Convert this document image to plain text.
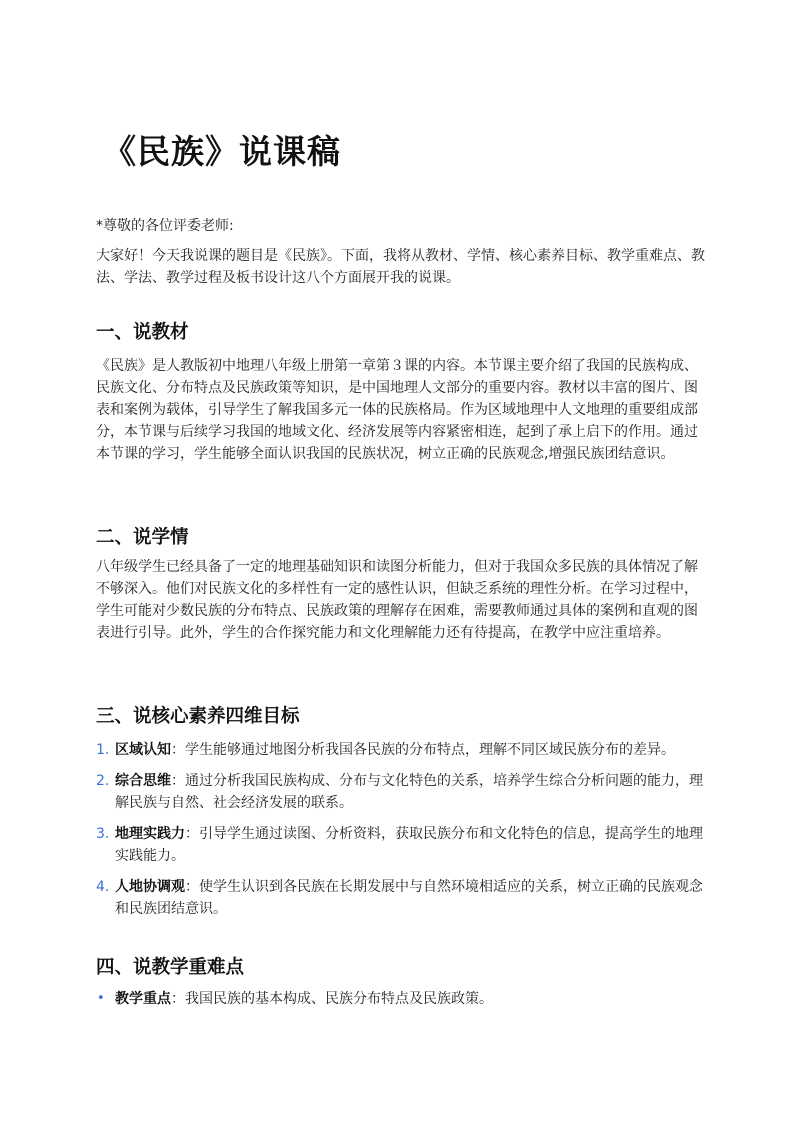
《民族》说课稿
*尊敬的各位评委老师:
大家好！今天我说课的题目是《民族》。下面，我将从教材、学情、核心素养目标、教学重难点、教法、学法、教学过程及板书设计这八个方面展开我的说课。
一、说教材
《民族》是人教版初中地理八年级上册第一章第３课的内容。本节课主要介绍了我国的民族构成、民族文化、分布特点及民族政策等知识，是中国地理人文部分的重要内容。教材以丰富的图片、图表和案例为载体，引导学生了解我国多元一体的民族格局。作为区域地理中人文地理的重要组成部分，本节课与后续学习我国的地域文化、经济发展等内容紧密相连，起到了承上启下的作用。通过本节课的学习，学生能够全面认识我国的民族状况，树立正确的民族观念,增强民族团结意识。
二、说学情
八年级学生已经具备了一定的地理基础知识和读图分析能力，但对于我国众多民族的具体情况了解不够深入。他们对民族文化的多样性有一定的感性认识，但缺乏系统的理性分析。在学习过程中，学生可能对少数民族的分布特点、民族政策的理解存在困难，需要教师通过具体的案例和直观的图表进行引导。此外，学生的合作探究能力和文化理解能力还有待提高，在教学中应注重培养。
三、说核心素养四维目标
1. 区域认知：学生能够通过地图分析我国各民族的分布特点，理解不同区域民族分布的差异。
2. 综合思维：通过分析我国民族构成、分布与文化特色的关系，培养学生综合分析问题的能力，理解民族与自然、社会经济发展的联系。
3. 地理实践力：引导学生通过读图、分析资料，获取民族分布和文化特色的信息，提高学生的地理实践能力。
4. 人地协调观：使学生认识到各民族在长期发展中与自然环境相适应的关系，树立正确的民族观念和民族团结意识。
四、说教学重难点
• 教学重点：我国民族的基本构成、民族分布特点及民族政策。
